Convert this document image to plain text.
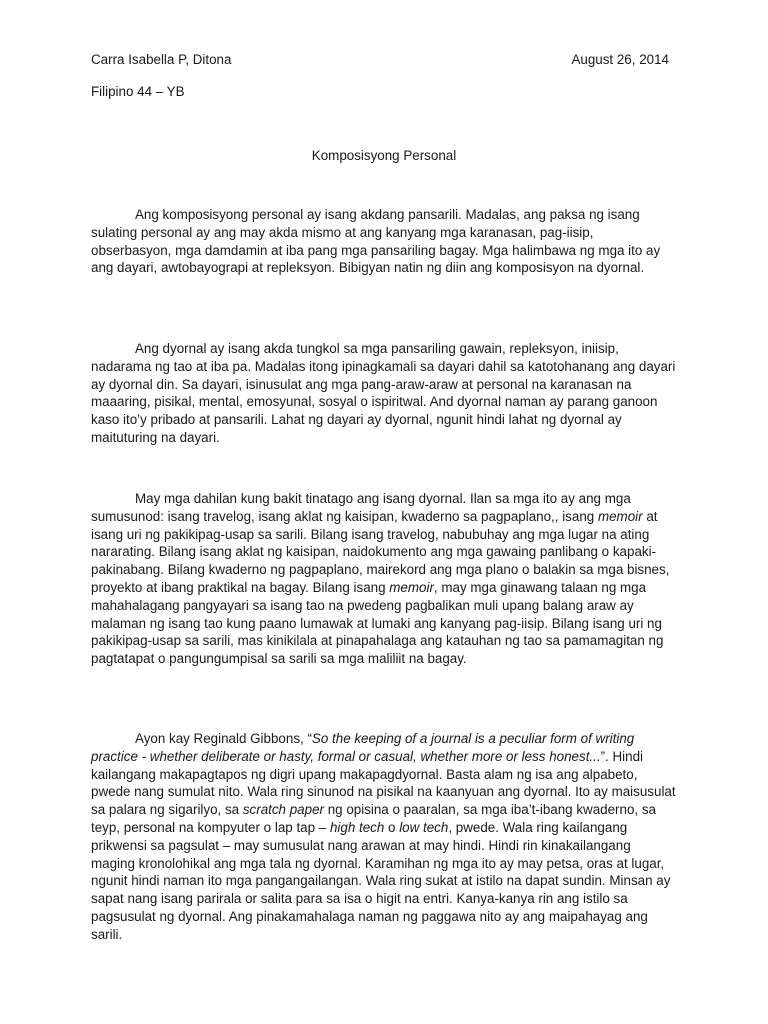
Carra Isabella P, Ditona	August 26, 2014
Filipino 44 – YB
Komposisyong Personal

Ang komposisyong personal ay isang akdang pansarili. Madalas, ang paksa ng isang sulating personal ay ang may akda mismo at ang kanyang mga karanasan, pag-iisip, obserbasyon, mga damdamin at iba pang mga pansariling bagay. Mga halimbawa ng mga ito ay ang dayari, awtobayograpi at repleksyon. Bibigyan natin ng diin ang komposisyon na dyornal.

Ang dyornal ay isang akda tungkol sa mga pansariling gawain, repleksyon, iniisip, nadarama ng tao at iba pa. Madalas itong ipinagkamali sa dayari dahil sa katotohanang ang dayari ay dyornal din. Sa dayari, isinusulat ang mga pang-araw-araw at personal na karanasan na maaaring, pisikal, mental, emosyunal, sosyal o ispiritwal. And dyornal naman ay parang ganoon kaso ito’y pribado at pansarili. Lahat ng dayari ay dyornal, ngunit hindi lahat ng dyornal ay maituturing na dayari.

May mga dahilan kung bakit tinatago ang isang dyornal. Ilan sa mga ito ay ang mga sumusunod: isang travelog, isang aklat ng kaisipan, kwaderno sa pagpaplano,, isang memoir at isang uri ng pakikipag-usap sa sarili. Bilang isang travelog, nabubuhay ang mga lugar na ating nararating. Bilang isang aklat ng kaisipan, naidokumento ang mga gawaing panlibang o kapaki-pakinabang. Bilang kwaderno ng pagpaplano, mairekord ang mga plano o balakin sa mga bisnes, proyekto at ibang praktikal na bagay. Bilang isang memoir, may mga ginawang talaan ng mga mahahalagang pangyayari sa isang tao na pwedeng pagbalikan muli upang balang araw ay malaman ng isang tao kung paano lumawak at lumaki ang kanyang pag-iisip. Bilang isang uri ng pakikipag-usap sa sarili, mas kinikilala at pinapahalaga ang katauhan ng tao sa pamamagitan ng pagtatapat o pangungumpisal sa sarili sa mga maliliit na bagay.

Ayon kay Reginald Gibbons, “So the keeping of a journal is a peculiar form of writing practice - whether deliberate or hasty, formal or casual, whether more or less honest...”. Hindi kailangang makapagtapos ng digri upang makapagdyornal. Basta alam ng isa ang alpabeto, pwede nang sumulat nito. Wala ring sinunod na pisikal na kaanyuan ang dyornal. Ito ay maisusulat sa palara ng sigarilyo, sa scratch paper ng opisina o paaralan, sa mga iba’t-ibang kwaderno, sa teyp, personal na kompyuter o lap tap – high tech o low tech, pwede. Wala ring kailangang prikwensi sa pagsulat – may sumusulat nang arawan at may hindi. Hindi rin kinakailangang maging kronolohikal ang mga tala ng dyornal. Karamihan ng mga ito ay may petsa, oras at lugar, ngunit hindi naman ito mga pangangailangan. Wala ring sukat at istilo na dapat sundin. Minsan ay sapat nang isang parirala or salita para sa isa o higit na entri. Kanya-kanya rin ang istilo sa pagsusulat ng dyornal. Ang pinakamahalaga naman ng paggawa nito ay ang maipahayag ang sarili.
